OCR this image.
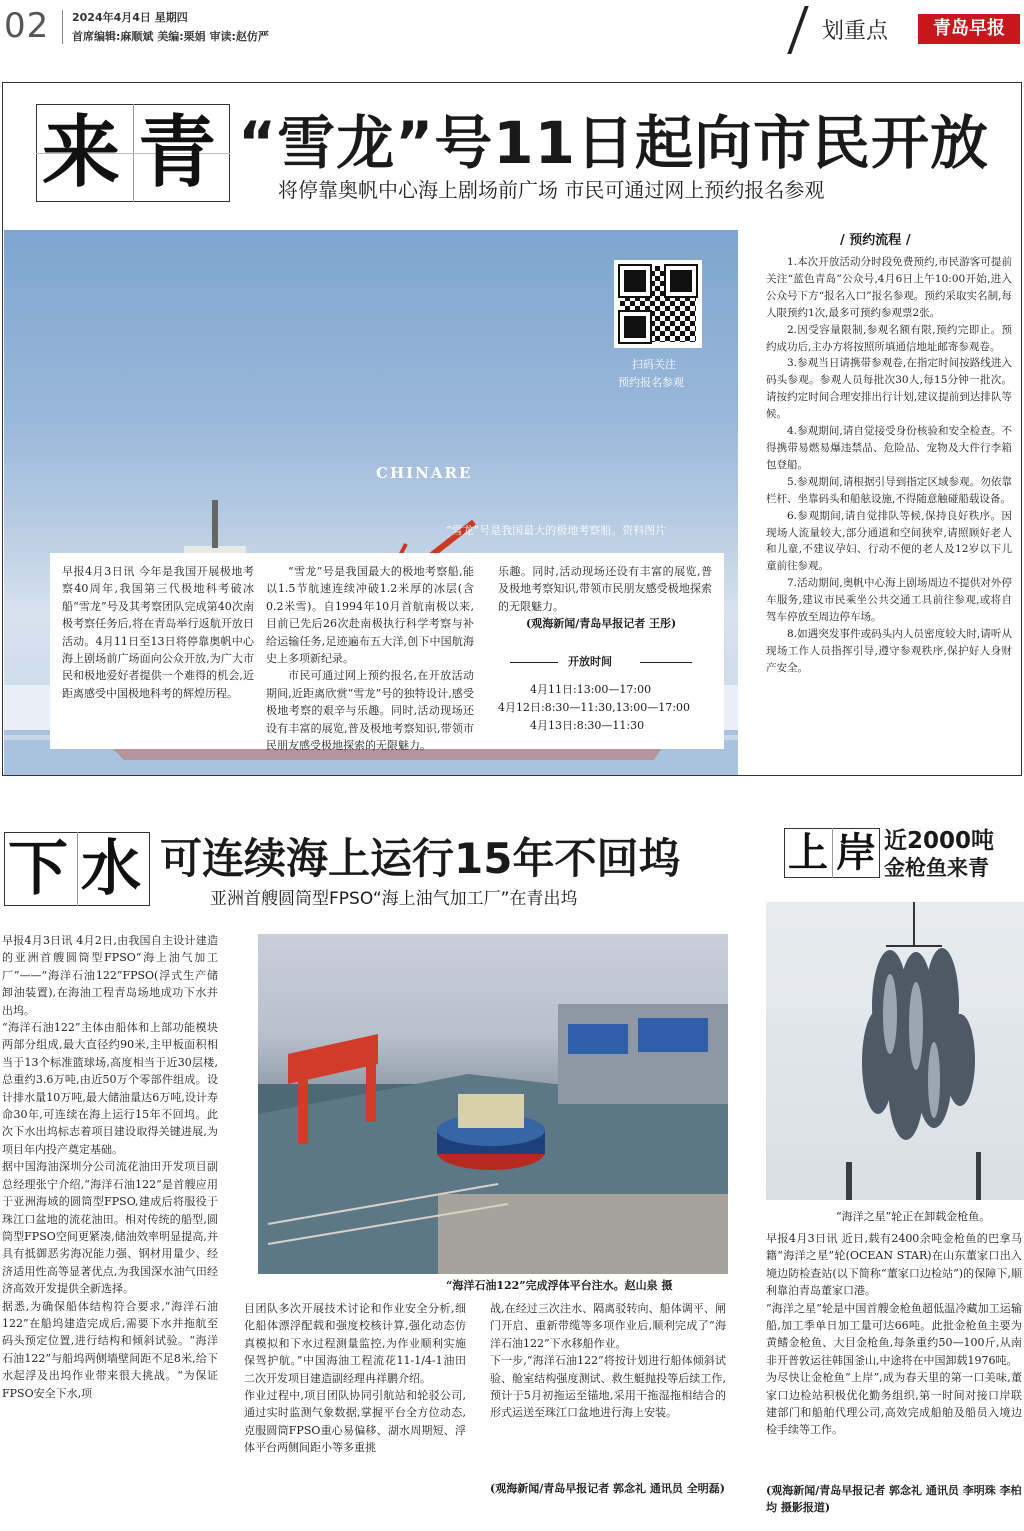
02 2024年4月4日 星期四
首席编辑:麻顺斌 美编:栗娟 审读:赵仿严	划重点	青岛早报
来 青 “雪龙”号11日起向市民开放
将停靠奥帆中心海上剧场前广场 市民可通过网上预约报名参观
CHINARE
扫码关注
预约报名参观
“雪龙”号是我国最大的极地考察船。资料图片
早报4月3日讯 今年是我国开展极地考察40周年,我国第三代极地科考破冰船“雪龙”号及其考察团队完成第40次南极考察任务后,将在青岛举行返航开放日活动。4月11日至13日将停靠奥帆中心海上剧场前广场面向公众开放,为广大市民和极地爱好者提供一个难得的机会,近距离感受中国极地科考的辉煌历程。

“雪龙”号是我国最大的极地考察船,能以1.5节航速连续冲破1.2米厚的冰层(含0.2米雪)。自1994年10月首航南极以来,目前已先后26次赴南极执行科学考察与补给运输任务,足迹遍布五大洋,创下中国航海史上多项新纪录。

市民可通过网上预约报名,在开放活动期间,近距离欣赏“雪龙”号的独特设计,感受极地考察的艰辛与乐趣。同时,活动现场还设有丰富的展览,普及极地考察知识,带领市民朋友感受极地探索的无限魅力。

乐趣。同时,活动现场还设有丰富的展览,普及极地考察知识,带领市民朋友感受极地探索的无限魅力。

(观海新闻/青岛早报记者 王彤)
开放时间
4月11日:13:00—17:00
4月12日:8:30—11:30,13:00—17:00
4月13日:8:30—11:30
/ 预约流程 /

1.本次开放活动分时段免费预约,市民游客可提前关注“蓝色青岛”公众号,4月6日上午10:00开始,进入公众号下方“报名入口”报名参观。预约采取实名制,每人限预约1次,最多可预约参观票2张。

2.因受容量限制,参观名额有限,预约完即止。预约成功后,主办方将按照所填通信地址邮寄参观卷。

3.参观当日请携带参观卷,在指定时间按路线进入码头参观。参观人员每批次30人,每15分钟一批次。请按约定时间合理安排出行计划,建议提前到达排队等候。

4.参观期间,请自觉接受身份核验和安全检查。不得携带易燃易爆违禁品、危险品、宠物及大件行李箱包登船。

5.参观期间,请根据引导到指定区域参观。勿依靠栏杆、坐靠码头和船舷设施,不得随意触碰船载设备。

6.参观期间,请自觉排队等候,保持良好秩序。因现场人流量较大,部分通道和空间狭窄,请照顾好老人和儿童,不建议孕妇、行动不便的老人及12岁以下儿童前往参观。

7.活动期间,奥帆中心海上剧场周边不提供对外停车服务,建议市民乘坐公共交通工具前往参观,或将自驾车停放至周边停车场。

8.如遇突发事件或码头内人员密度较大时,请听从现场工作人员指挥引导,遵守参观秩序,保护好人身财产安全。

下 水 可连续海上运行15年不回坞
亚洲首艘圆筒型FPSO“海上油气加工厂”在青出坞
早报4月3日讯 4月2日,由我国自主设计建造的亚洲首艘圆筒型FPSO“海上油气加工厂”——“海洋石油122”FPSO(浮式生产储卸油装置),在海油工程青岛场地成功下水并出坞。
“海洋石油122”主体由船体和上部功能模块两部分组成,最大直径约90米,主甲板面积相当于13个标准篮球场,高度相当于近30层楼,总重约3.6万吨,由近50万个零部件组成。设计排水量10万吨,最大储油量达6万吨,设计寿命30年,可连续在海上运行15年不回坞。此次下水出坞标志着项目建设取得关键进展,为项目年内投产奠定基础。
据中国海油深圳分公司流花油田开发项目副总经理张宁介绍,“海洋石油122”是首艘应用于亚洲海域的圆筒型FPSO,建成后将服役于珠江口盆地的流花油田。相对传统的船型,圆筒型FPSO空间更紧凑,储油效率明显提高,并具有抵御恶劣海况能力强、钢材用量少、经济适用性高等显著优点,为我国深水油气田经济高效开发提供全新选择。
据悉,为确保船体结构符合要求,“海洋石油122”在船坞建造完成后,需要下水并拖航至码头预定位置,进行结构和倾斜试验。“海洋石油122”与船坞两侧墙壁间距不足8米,给下水起浮及出坞作业带来很大挑战。“为保证FPSO安全下水,项
“海洋石油122”完成浮体平台注水。赵山泉 摄
目团队多次开展技术讨论和作业安全分析,细化船体漂浮配载和强度校核计算,强化动态仿真模拟和下水过程测量监控,为作业顺利实施保驾护航。”中国海油工程流花11-1/4-1油田二次开发项目建造副经理冉祥鹏介绍。
作业过程中,项目团队协同引航站和轮驳公司,通过实时监测气象数据,掌握平台全方位动态,克服圆筒FPSO重心易偏移、湖水周期短、浮体平台两侧间距小等多重挑
战,在经过三次注水、隔离驳转向、船体调平、闸门开启、重新带缆等多项作业后,顺利完成了“海洋石油122”下水移船作业。
下一步,“海洋石油122”将按计划进行船体倾斜试验、舱室结构强度测试、救生艇抛投等后续工作,预计于5月初拖运至锚地,采用干拖湿拖相结合的形式运送至珠江口盆地进行海上安装。
(观海新闻/青岛早报记者 郭念礼 通讯员 全明磊)
上 岸 近2000吨
金枪鱼来青
“海洋之星”轮正在卸载金枪鱼。
早报4月3日讯 近日,载有2400余吨金枪鱼的巴拿马籍“海洋之星”轮(OCEAN STAR)在山东董家口出入境边防检查站(以下简称“董家口边检站”)的保障下,顺利靠泊青岛董家口港。
“海洋之星”轮是中国首艘金枪鱼超低温冷藏加工运输船,加工季单日加工量可达66吨。此批金枪鱼主要为黄鳍金枪鱼、大目金枪鱼,每条重约50—100斤,从南非开普敦运往韩国釜山,中途将在中国卸载1976吨。
为尽快让金枪鱼“上岸”,成为春天里的第一口美味,董家口边检站积极优化勤务组织,第一时间对接口岸联建部门和船舶代理公司,高效完成船舶及船员入境边检手续等工作。
(观海新闻/青岛早报记者 郭念礼 通讯员 李明珠 李柏均 摄影报道)
